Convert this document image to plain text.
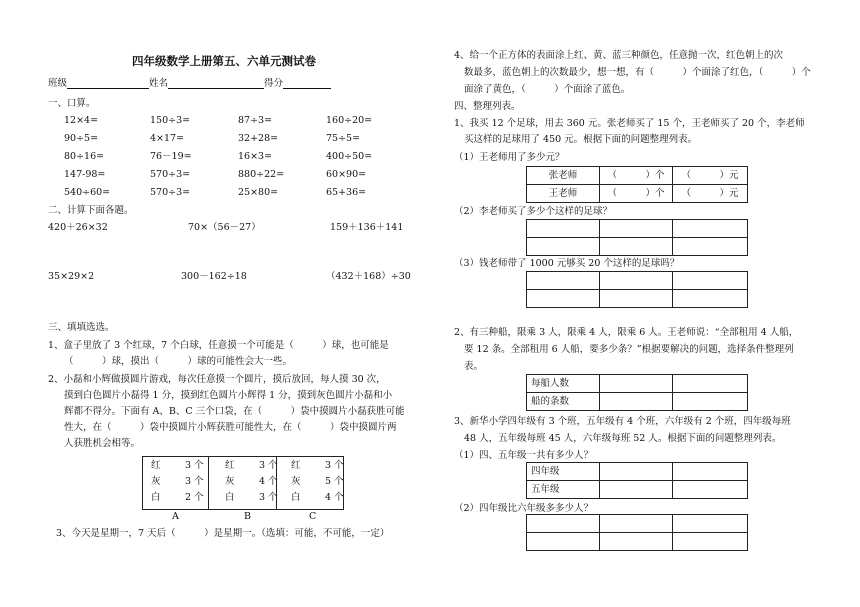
四年级数学上册第五、六单元测试卷
班级	姓名	得分
一、口算。
12×4=	150÷3=	87÷3=	160÷20=
90÷5=	4×17=	32+28=	75÷5=
80÷16=	76－19=	16×3=	400÷50=
147-98=	570÷3=	880÷22=	60×90=
540÷60=	570÷3=	25×80=	65+36=
二、计算下面各题。
420＋26×32	70×（56－27）	159＋136＋141
35×29×2	300－162÷18	（432＋168）÷30
三、填填选选。
1、盒子里放了 3 个红球，7 个白球，任意摸一个可能是（　　　）球，也可能是
（　　　）球，摸出（　　　）球的可能性会大一些。
2、小磊和小辉做摸圆片游戏，每次任意摸一个圆片，摸后放回，每人摸 30 次，
摸到白色圆片小磊得 1 分，摸到红色圆片小辉得 1 分，摸到灰色圆片小磊和小
辉都不得分。下面有 A、B、C 三个口袋，在（　　　）袋中摸圆片小磊获胜可能
性大，在（　　　）袋中摸圆片小辉获胜可能性大，在（　　　）袋中摸圆片两
人获胜机会相等。
红	3 个
灰	3 个
白	2 个
红	3 个
灰	4 个
白	3 个
红	3 个
灰	5 个
白	4 个
A	B	C
3、今天是星期一，7 天后（　　　）是星期一。（选填：可能，不可能，一定）
4、给一个正方体的表面涂上红、黄、蓝三种颜色，任意抛一次，红色朝上的次
数最多，蓝色朝上的次数最少，想一想，有（　　　）个面涂了红色，（　　　）个
面涂了黄色，（　　　）个面涂了蓝色。
四、整理列表。
1、我买 12 个足球，用去 360 元。张老师买了 15 个，王老师买了 20 个，李老师
买这样的足球用了 450 元。根据下面的问题整理列表。
（1）王老师用了多少元？
张老师	（　　　）个	（　　　）元
王老师	（　　　）个	（　　　）元
（2）李老师买了多少个这样的足球？

（3）钱老师带了 1000 元够买 20 个这样的足球吗？

2、有三种船，限乘 3 人，限乘 4 人，限乘 6 人。王老师说：“全部租用 4 人船，
要 12 条。全部租用 6 人船，要多少条？”根据要解决的问题，选择条件整理列
表。
每船人数		
船的条数		
3、新华小学四年级有 3 个班，五年级有 4 个班，六年级有 2 个班，四年级每班
48 人，五年级每班 45 人，六年级每班 52 人。根据下面的问题整理列表。
（1）四、五年级一共有多少人？
四年级		
五年级		
（2）四年级比六年级多多少人？
